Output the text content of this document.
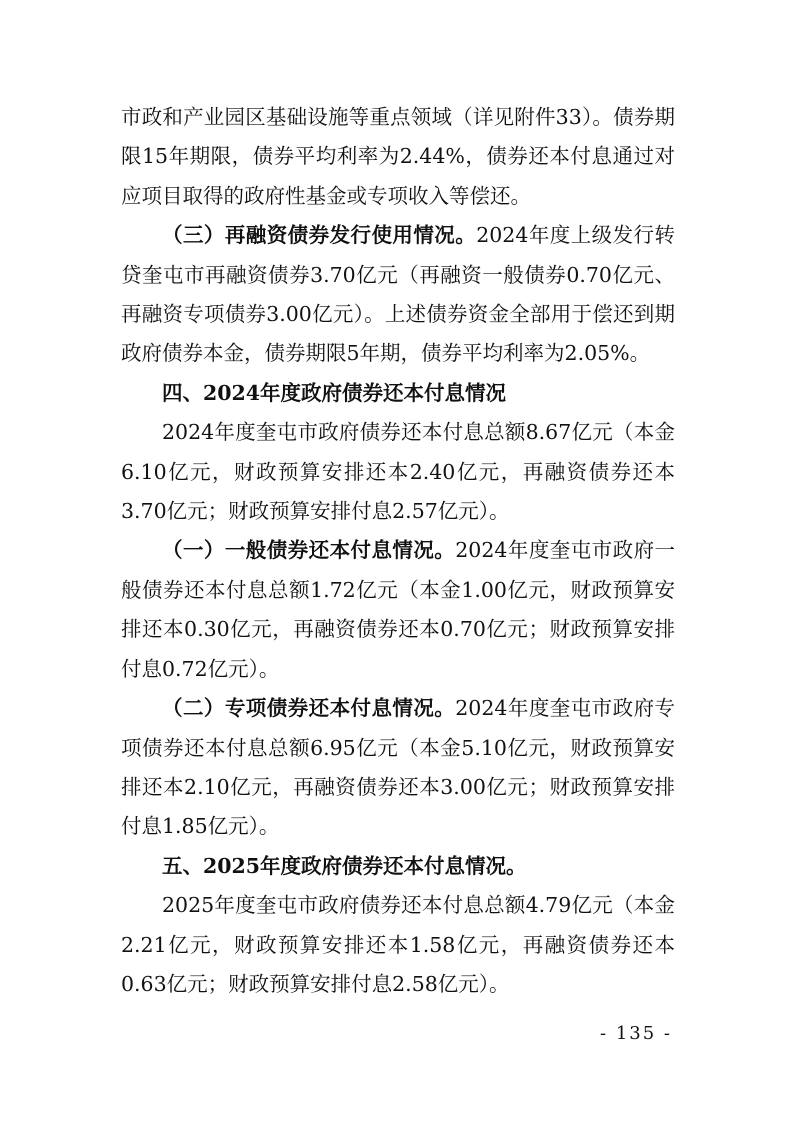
市政和产业园区基础设施等重点领域（详见附件33）。债券期限15年期限，债券平均利率为2.44%，债券还本付息通过对应项目取得的政府性基金或专项收入等偿还。

（三）再融资债券发行使用情况。2024年度上级发行转贷奎屯市再融资债券3.70亿元（再融资一般债券0.70亿元、再融资专项债券3.00亿元）。上述债券资金全部用于偿还到期政府债券本金，债券期限5年期，债券平均利率为2.05%。

四、2024年度政府债券还本付息情况

2024年度奎屯市政府债券还本付息总额8.67亿元（本金6.10亿元，财政预算安排还本2.40亿元，再融资债券还本3.70亿元；财政预算安排付息2.57亿元）。

（一）一般债券还本付息情况。2024年度奎屯市政府一般债券还本付息总额1.72亿元（本金1.00亿元，财政预算安排还本0.30亿元，再融资债券还本0.70亿元；财政预算安排付息0.72亿元）。

（二）专项债券还本付息情况。2024年度奎屯市政府专项债券还本付息总额6.95亿元（本金5.10亿元，财政预算安排还本2.10亿元，再融资债券还本3.00亿元；财政预算安排付息1.85亿元）。

五、2025年度政府债券还本付息情况。

2025年度奎屯市政府债券还本付息总额4.79亿元（本金2.21亿元，财政预算安排还本1.58亿元，再融资债券还本0.63亿元；财政预算安排付息2.58亿元）。

- 135 -
